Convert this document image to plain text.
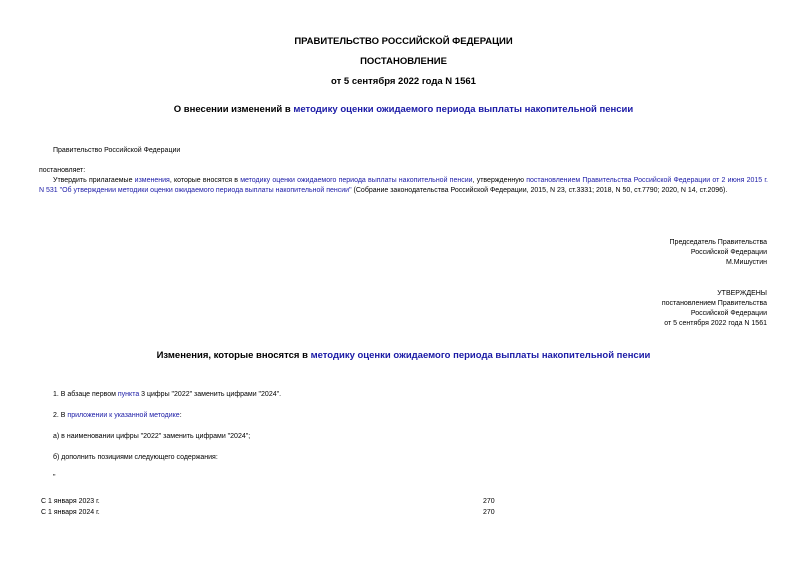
ПРАВИТЕЛЬСТВО РОССИЙСКОЙ ФЕДЕРАЦИИ
ПОСТАНОВЛЕНИЕ
от 5 сентября 2022 года N 1561
О внесении изменений в методику оценки ожидаемого периода выплаты накопительной пенсии
Правительство Российской Федерации
постановляет:
Утвердить прилагаемые изменения, которые вносятся в методику оценки ожидаемого периода выплаты накопительной пенсии, утвержденную постановлением Правительства Российской Федерации от 2 июня 2015 г. N 531 "Об утверждении методики оценки ожидаемого периода выплаты накопительной пенсии" (Собрание законодательства Российской Федерации, 2015, N 23, ст.3331; 2018, N 50, ст.7790; 2020, N 14, ст.2096).
Председатель Правительства
Российской Федерации
М.Мишустин
УТВЕРЖДЕНЫ
постановлением Правительства
Российской Федерации
от 5 сентября 2022 года N 1561
Изменения, которые вносятся в методику оценки ожидаемого периода выплаты накопительной пенсии
1. В абзаце первом пункта 3 цифры "2022" заменить цифрами "2024".
2. В приложении к указанной методике:
а) в наименовании цифры "2022" заменить цифрами "2024";
б) дополнить позициями следующего содержания:
"
С 1 января 2023 г.	270
С 1 января 2024 г.	270
